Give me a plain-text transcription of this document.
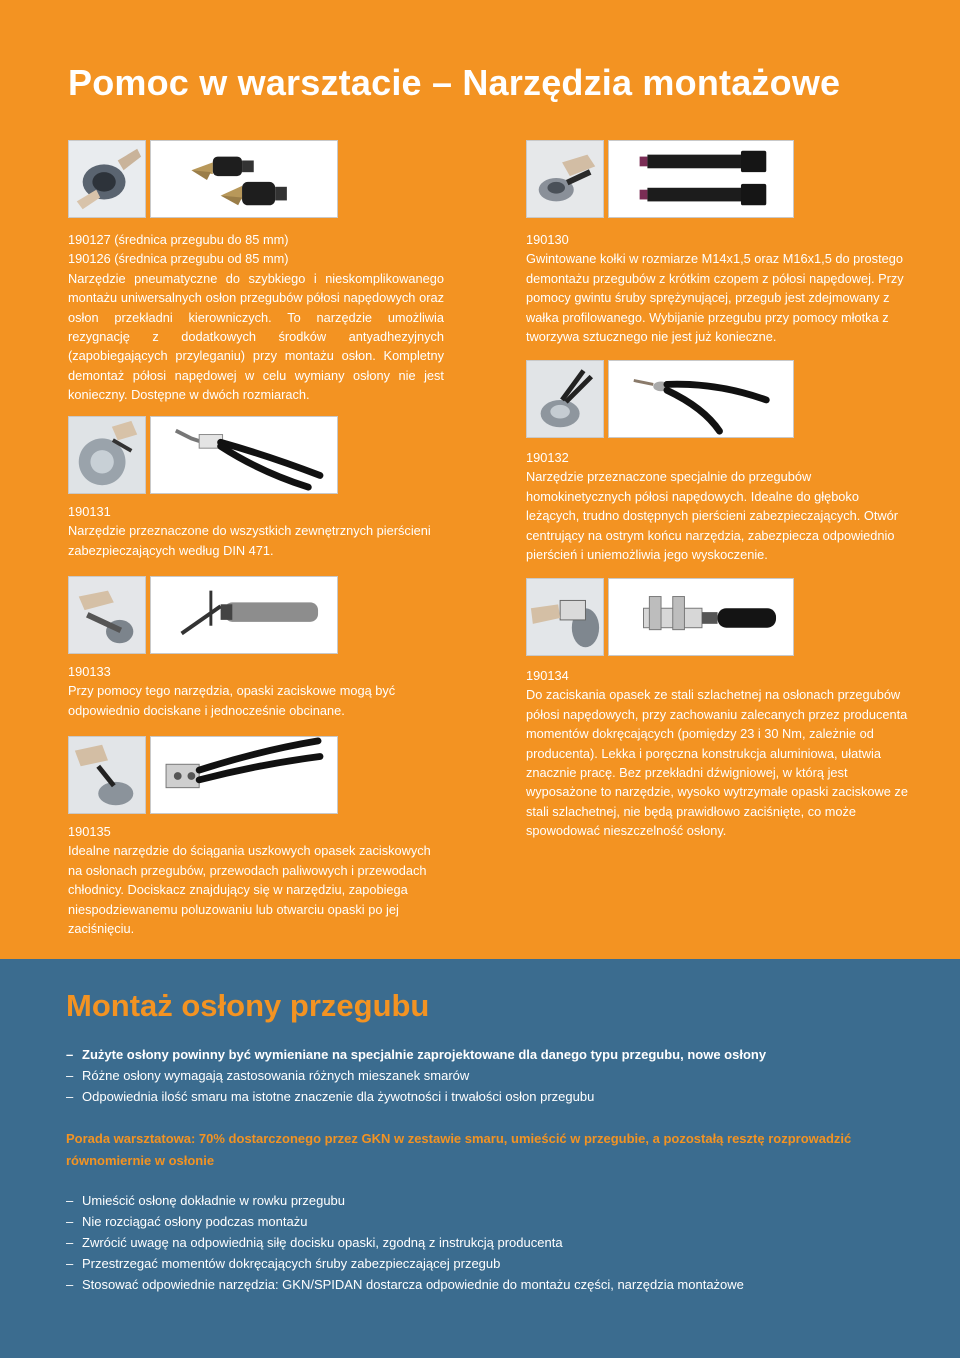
Pomoc w warsztacie – Narzędzia montażowe
190127 (średnica przegubu do 85 mm)
190126 (średnica przegubu od 85 mm)
Narzędzie pneumatyczne do szybkiego i nieskomplikowanego montażu uniwersalnych osłon przegubów półosi napędowych oraz osłon przekładni kierowniczych. To narzędzie umożliwia rezygnację z dodatkowych środków antyadhezyjnych (zapobiegających przyleganiu) przy montażu osłon. Kompletny demontaż półosi napędowej w celu wymiany osłony nie jest konieczny. Dostępne w dwóch rozmiarach.
190130
Gwintowane kołki w rozmiarze M14x1,5 oraz M16x1,5 do prostego demontażu przegubów z krótkim czopem z półosi napędowej. Przy pomocy gwintu śruby sprężynującej, przegub jest zdejmowany z wałka profilowanego. Wybijanie przegubu przy pomocy młotka z tworzywa sztucznego nie jest już konieczne.
190131
Narzędzie przeznaczone do wszystkich zewnętrznych pierścieni zabezpieczających według DIN 471.
190132
Narzędzie przeznaczone specjalnie do przegubów homokinetycznych półosi napędowych. Idealne do głęboko leżących, trudno dostępnych pierścieni zabezpieczających. Otwór centrujący na ostrym końcu narzędzia, zabezpiecza odpowiednio pierścień i uniemożliwia jego wyskoczenie.
190133
Przy pomocy tego narzędzia, opaski zaciskowe mogą być odpowiednio dociskane i jednocześnie obcinane.
190135
Idealne narzędzie do ściągania uszkowych opasek zaciskowych na osłonach przegubów, przewodach paliwowych i przewodach chłodnicy. Dociskacz znajdujący się w narzędziu, zapobiega niespodziewanemu poluzowaniu lub otwarciu opaski po jej zaciśnięciu.
190134
Do zaciskania opasek ze stali szlachetnej na osłonach przegubów półosi napędowych, przy zachowaniu zalecanych przez producenta momentów dokręcających (pomiędzy 23 i 30 Nm, zależnie od producenta). Lekka i poręczna konstrukcja aluminiowa, ułatwia znacznie pracę. Bez przekładni dźwigniowej, w którą jest wyposażone to narzędzie, wysoko wytrzymałe opaski zaciskowe ze stali szlachetnej, nie będą prawidłowo zaciśnięte, co może spowodować nieszczelność osłony.
Montaż osłony przegubu
– Zużyte osłony powinny być wymieniane na specjalnie zaprojektowane dla danego typu przegubu, nowe osłony
– Różne osłony wymagają zastosowania różnych mieszanek smarów
– Odpowiednia ilość smaru ma istotne znaczenie dla żywotności i trwałości osłon przegubu

Porada warsztatowa: 70% dostarczonego przez GKN w zestawie smaru, umieścić w przegubie, a pozostałą resztę rozprowadzić równomiernie w osłonie

– Umieścić osłonę dokładnie w rowku przegubu
– Nie rozciągać osłony podczas montażu
– Zwrócić uwagę na odpowiednią siłę docisku opaski, zgodną z instrukcją producenta
– Przestrzegać momentów dokręcających śruby zabezpieczającej przegub
– Stosować odpowiednie narzędzia: GKN/SPIDAN dostarcza odpowiednie do montażu części, narzędzia montażowe
